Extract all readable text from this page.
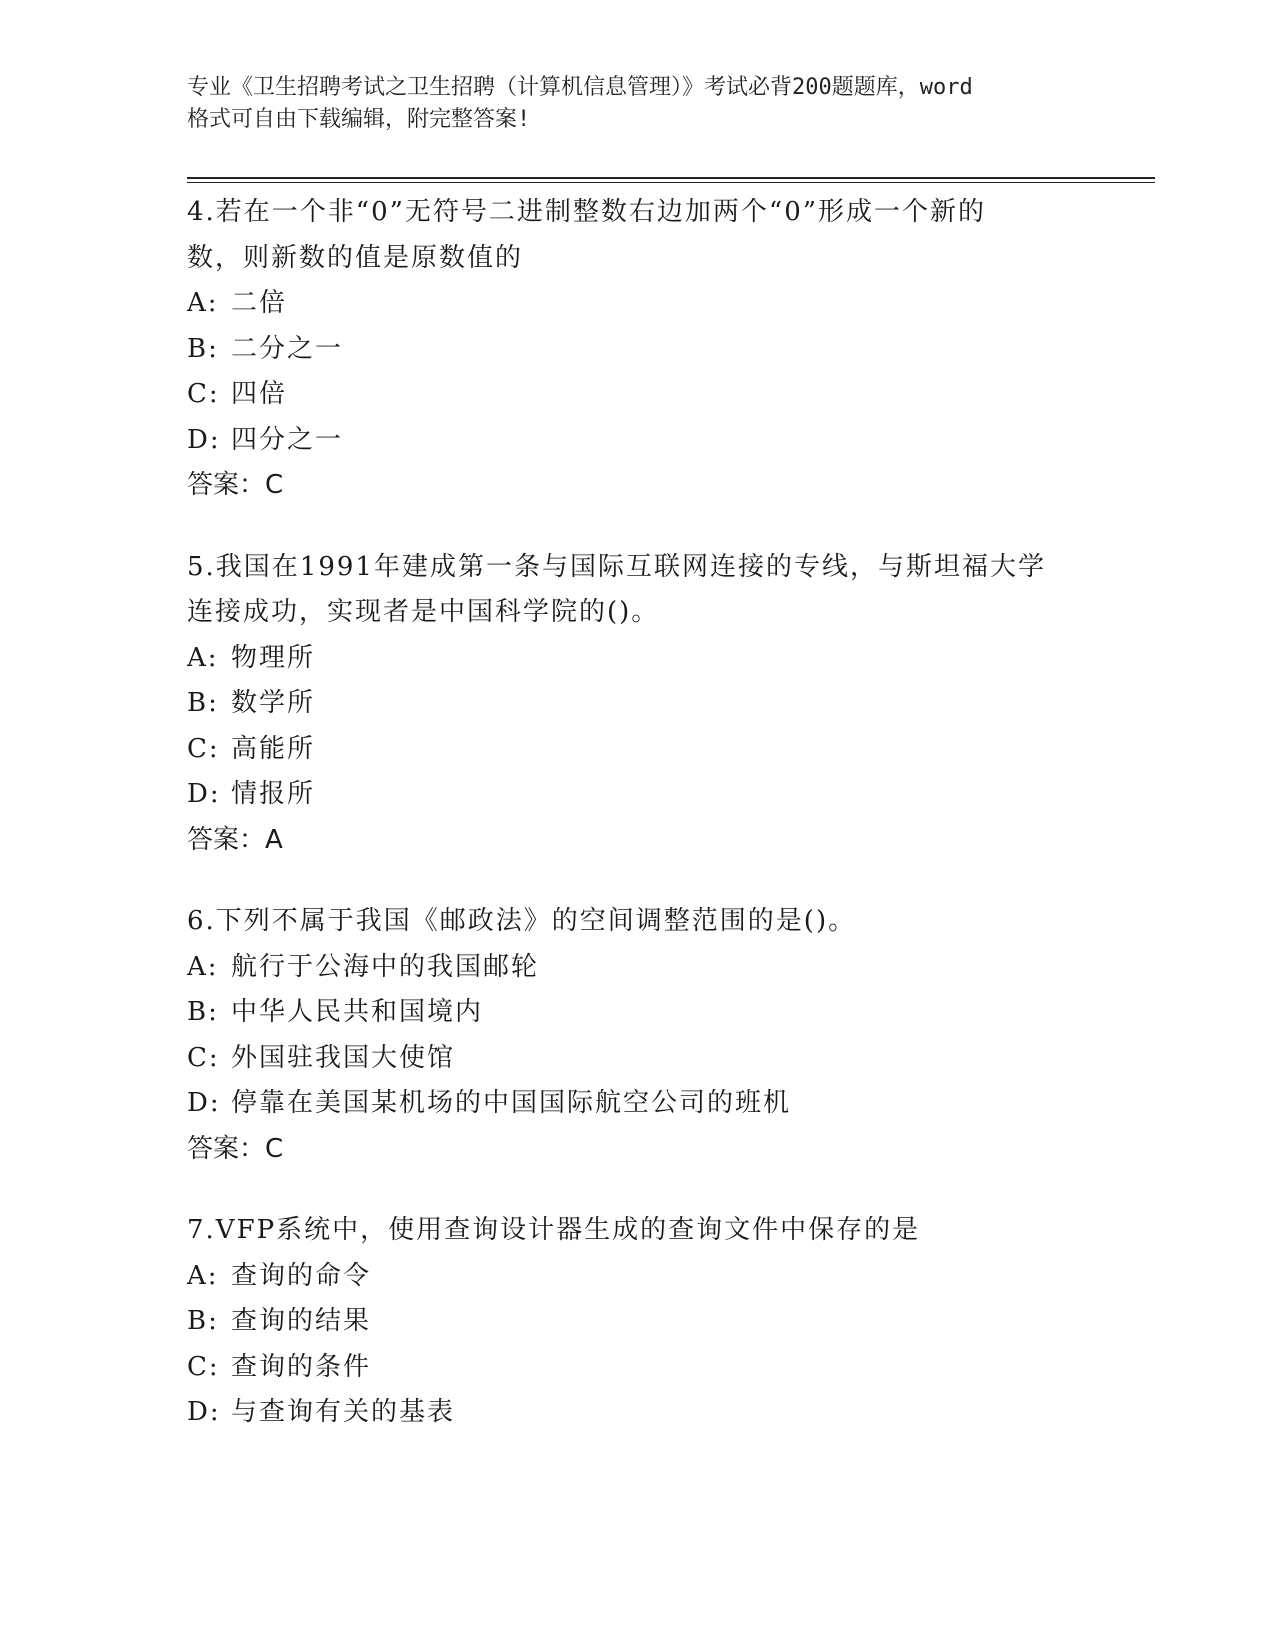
专业《卫生招聘考试之卫生招聘（计算机信息管理）》考试必背200题题库，word
格式可自由下载编辑，附完整答案!

4.若在一个非“0”无符号二进制整数右边加两个“0”形成一个新的

数，则新数的值是原数值的

A: 二倍

B: 二分之一

C: 四倍

D: 四分之一

答案：C

5.我国在1991年建成第一条与国际互联网连接的专线，与斯坦福大学

连接成功，实现者是中国科学院的()。

A: 物理所

B: 数学所

C: 高能所

D: 情报所

答案：A

6.下列不属于我国《邮政法》的空间调整范围的是()。

A: 航行于公海中的我国邮轮

B: 中华人民共和国境内

C: 外国驻我国大使馆

D: 停靠在美国某机场的中国国际航空公司的班机

答案：C

7.VFP系统中，使用查询设计器生成的查询文件中保存的是

A: 查询的命令

B: 查询的结果

C: 查询的条件

D: 与查询有关的基表
